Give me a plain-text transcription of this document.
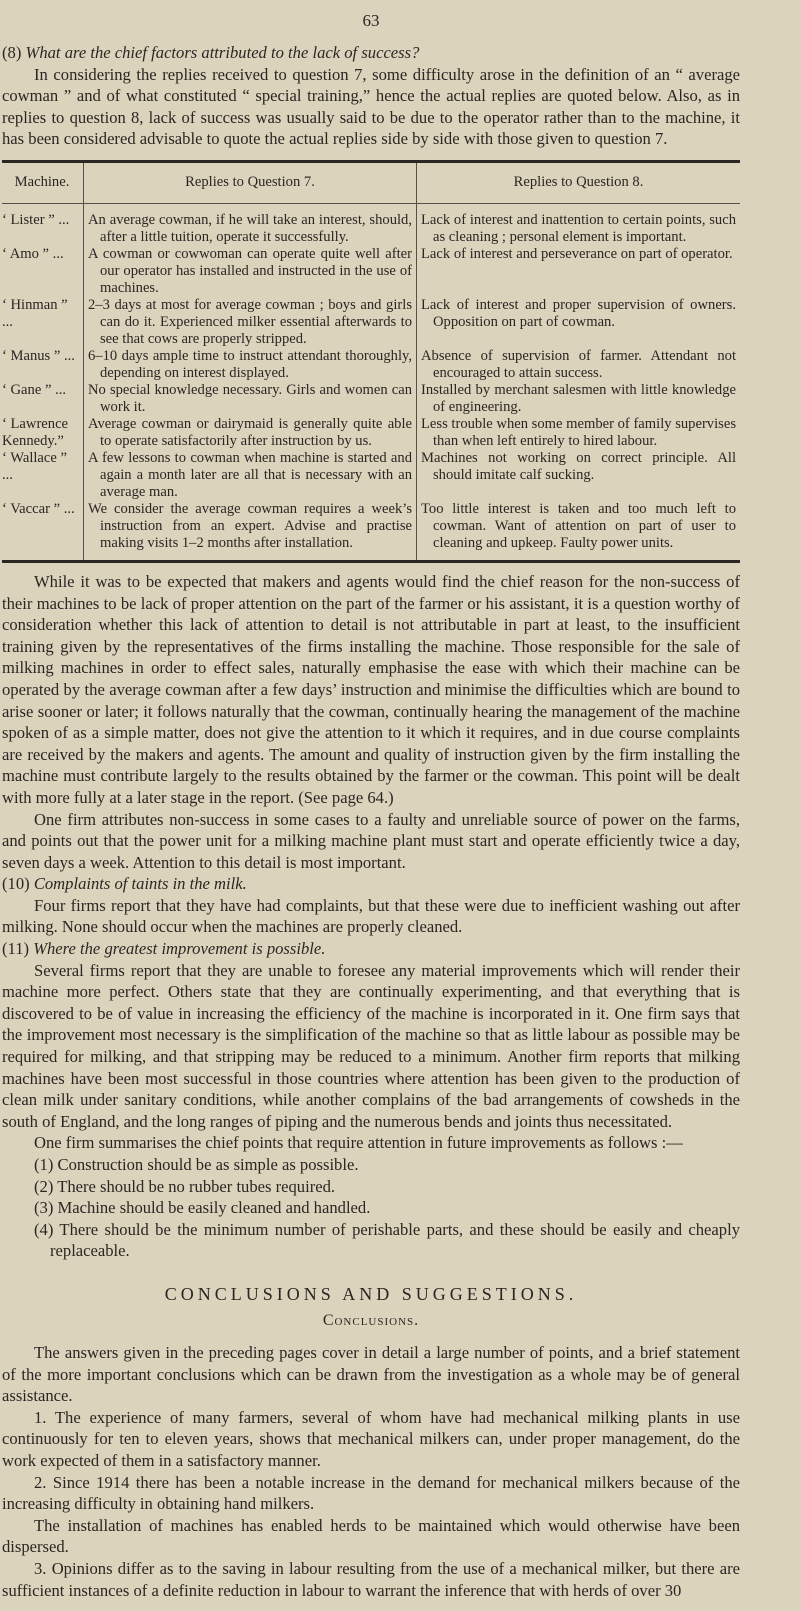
63

(8) What are the chief factors attributed to the lack of success?

In considering the replies received to question 7, some difficulty arose in the definition of an “ average cowman ” and of what constituted “ special training,” hence the actual replies are quoted below. Also, as in replies to question 8, lack of success was usually said to be due to the operator rather than to the machine, it has been considered advisable to quote the actual replies side by side with those given to question 7.

Machine.	Replies to Question 7.	Replies to Question 8.

‘ Lister ” ...	An average cowman, if he will take an interest, should, after a little tuition, operate it successfully.	Lack of interest and inattention to certain points, such as cleaning ; personal element is important.

‘ Amo ” ...	A cowman or cowwoman can operate quite well after our operator has installed and instructed in the use of machines.	Lack of interest and perseverance on part of operator.

‘ Hinman ” ...	2–3 days at most for average cowman ; boys and girls can do it. Experienced milker essential afterwards to see that cows are properly stripped.	Lack of interest and proper supervision of owners. Opposition on part of cowman.

‘ Manus ” ...	6–10 days ample time to instruct attendant thoroughly, depending on interest displayed.	Absence of supervision of farmer. Attendant not encouraged to attain success.

‘ Gane ” ...	No special knowledge necessary. Girls and women can work it.	Installed by merchant salesmen with little knowledge of engineering.

‘ Lawrence Kennedy.”	Average cowman or dairymaid is generally quite able to operate satisfactorily after instruction by us.	Less trouble when some member of family supervises than when left entirely to hired labour.

‘ Wallace ” ...	A few lessons to cowman when machine is started and again a month later are all that is necessary with an average man.	Machines not working on correct principle. All should imitate calf sucking.

‘ Vaccar ” ...	We consider the average cowman requires a week’s instruction from an expert. Advise and practise making visits 1–2 months after installation.	Too little interest is taken and too much left to cowman. Want of attention on part of user to cleaning and upkeep. Faulty power units.

While it was to be expected that makers and agents would find the chief reason for the non-success of their machines to be lack of proper attention on the part of the farmer or his assistant, it is a question worthy of consideration whether this lack of attention to detail is not attributable in part at least, to the insufficient training given by the representatives of the firms installing the machine. Those responsible for the sale of milking machines in order to effect sales, naturally emphasise the ease with which their machine can be operated by the average cowman after a few days’ instruction and minimise the difficulties which are bound to arise sooner or later; it follows naturally that the cowman, continually hearing the management of the machine spoken of as a simple matter, does not give the attention to it which it requires, and in due course complaints are received by the makers and agents. The amount and quality of instruction given by the firm installing the machine must contribute largely to the results obtained by the farmer or the cowman. This point will be dealt with more fully at a later stage in the report. (See page 64.)

One firm attributes non-success in some cases to a faulty and unreliable source of power on the farms, and points out that the power unit for a milking machine plant must start and operate efficiently twice a day, seven days a week. Attention to this detail is most important.

(10) Complaints of taints in the milk.

Four firms report that they have had complaints, but that these were due to inefficient washing out after milking. None should occur when the machines are properly cleaned.

(11) Where the greatest improvement is possible.

Several firms report that they are unable to foresee any material improvements which will render their machine more perfect. Others state that they are continually experimenting, and that everything that is discovered to be of value in increasing the efficiency of the machine is incorporated in it. One firm says that the improvement most necessary is the simplification of the machine so that as little labour as possible may be required for milking, and that stripping may be reduced to a minimum. Another firm reports that milking machines have been most successful in those countries where attention has been given to the production of clean milk under sanitary conditions, while another complains of the bad arrangements of cowsheds in the south of England, and the long ranges of piping and the numerous bends and joints thus necessitated.

One firm summarises the chief points that require attention in future improvements as follows :—

(1) Construction should be as simple as possible.

(2) There should be no rubber tubes required.

(3) Machine should be easily cleaned and handled.

(4) There should be the minimum number of perishable parts, and these should be easily and cheaply replaceable.

CONCLUSIONS AND SUGGESTIONS.
Conclusions.

The answers given in the preceding pages cover in detail a large number of points, and a brief statement of the more important conclusions which can be drawn from the investigation as a whole may be of general assistance.

1. The experience of many farmers, several of whom have had mechanical milking plants in use continuously for ten to eleven years, shows that mechanical milkers can, under proper management, do the work expected of them in a satisfactory manner.

2. Since 1914 there has been a notable increase in the demand for mechanical milkers because of the increasing difficulty in obtaining hand milkers.

The installation of machines has enabled herds to be maintained which would otherwise have been dispersed.

3. Opinions differ as to the saving in labour resulting from the use of a mechanical milker, but there are sufficient instances of a definite reduction in labour to warrant the inference that with herds of over 30
